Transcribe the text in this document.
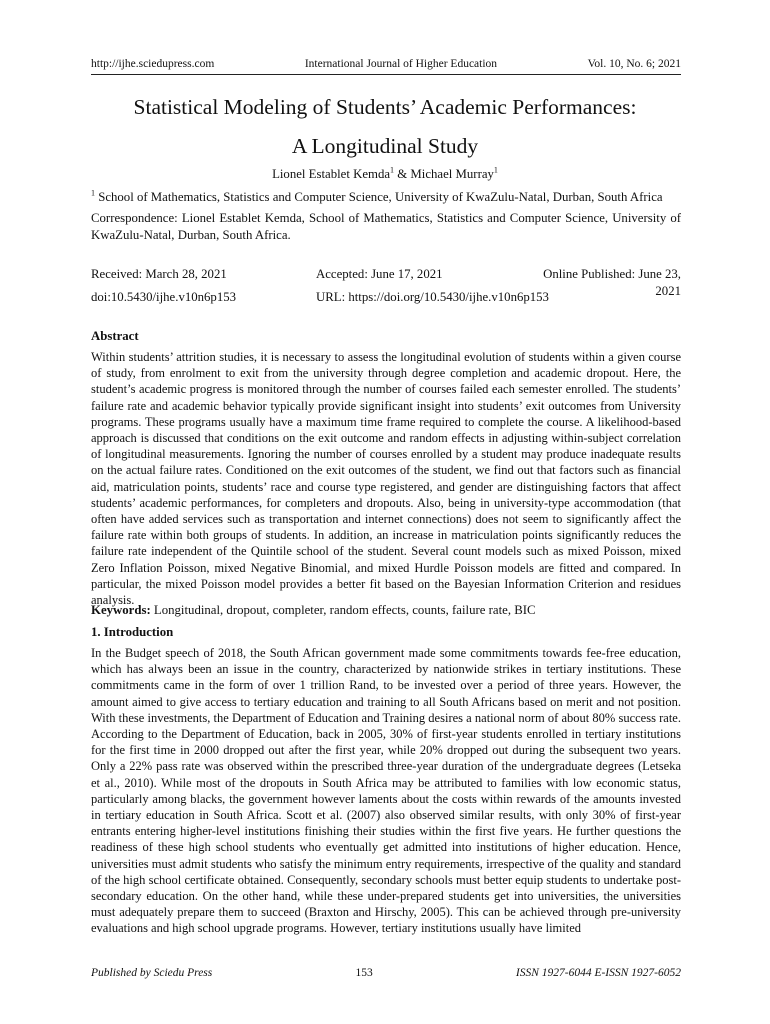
http://ijhe.sciedupress.com	International Journal of Higher Education	Vol. 10, No. 6; 2021
Statistical Modeling of Students’ Academic Performances:
A Longitudinal Study
Lionel Establet Kemda$^1$ & Michael Murray$^1$
$^1$ School of Mathematics, Statistics and Computer Science, University of KwaZulu-Natal, Durban, South Africa
Correspondence: Lionel Establet Kemda, School of Mathematics, Statistics and Computer Science, University of KwaZulu-Natal, Durban, South Africa.
Received: March 28, 2021	Accepted: June 17, 2021	Online Published: June 23, 2021
doi:10.5430/ijhe.v10n6p153	URL: https://doi.org/10.5430/ijhe.v10n6p153
Abstract
Within students’ attrition studies, it is necessary to assess the longitudinal evolution of students within a given course of study, from enrolment to exit from the university through degree completion and academic dropout. Here, the student’s academic progress is monitored through the number of courses failed each semester enrolled. The students’ failure rate and academic behavior typically provide significant insight into students’ exit outcomes from University programs. These programs usually have a maximum time frame required to complete the course. A likelihood-based approach is discussed that conditions on the exit outcome and random effects in adjusting within-subject correlation of longitudinal measurements. Ignoring the number of courses enrolled by a student may produce inadequate results on the actual failure rates. Conditioned on the exit outcomes of the student, we find out that factors such as financial aid, matriculation points, students’ race and course type registered, and gender are distinguishing factors that affect students’ academic performances, for completers and dropouts. Also, being in university-type accommodation (that often have added services such as transportation and internet connections) does not seem to significantly affect the failure rate within both groups of students. In addition, an increase in matriculation points significantly reduces the failure rate independent of the Quintile school of the student. Several count models such as mixed Poisson, mixed Zero Inflation Poisson, mixed Negative Binomial, and mixed Hurdle Poisson models are fitted and compared. In particular, the mixed Poisson model provides a better fit based on the Bayesian Information Criterion and residues analysis.
Keywords: Longitudinal, dropout, completer, random effects, counts, failure rate, BIC
1. Introduction
In the Budget speech of 2018, the South African government made some commitments towards fee-free education, which has always been an issue in the country, characterized by nationwide strikes in tertiary institutions. These commitments came in the form of over 1 trillion Rand, to be invested over a period of three years. However, the amount aimed to give access to tertiary education and training to all South Africans based on merit and not position. With these investments, the Department of Education and Training desires a national norm of about 80% success rate. According to the Department of Education, back in 2005, 30% of first-year students enrolled in tertiary institutions for the first time in 2000 dropped out after the first year, while 20% dropped out during the subsequent two years. Only a 22% pass rate was observed within the prescribed three-year duration of the undergraduate degrees (Letseka et al., 2010). While most of the dropouts in South Africa may be attributed to families with low economic status, particularly among blacks, the government however laments about the costs within rewards of the amounts invested in tertiary education in South Africa. Scott et al. (2007) also observed similar results, with only 30% of first-year entrants entering higher-level institutions finishing their studies within the first five years. He further questions the readiness of these high school students who eventually get admitted into institutions of higher education. Hence, universities must admit students who satisfy the minimum entry requirements, irrespective of the quality and standard of the high school certificate obtained. Consequently, secondary schools must better equip students to undertake post-secondary education. On the other hand, while these under-prepared students get into universities, the universities must adequately prepare them to succeed (Braxton and Hirschy, 2005). This can be achieved through pre-university evaluations and high school upgrade programs. However, tertiary institutions usually have limited
Published by Sciedu Press	153	ISSN 1927-6044 E-ISSN 1927-6052
